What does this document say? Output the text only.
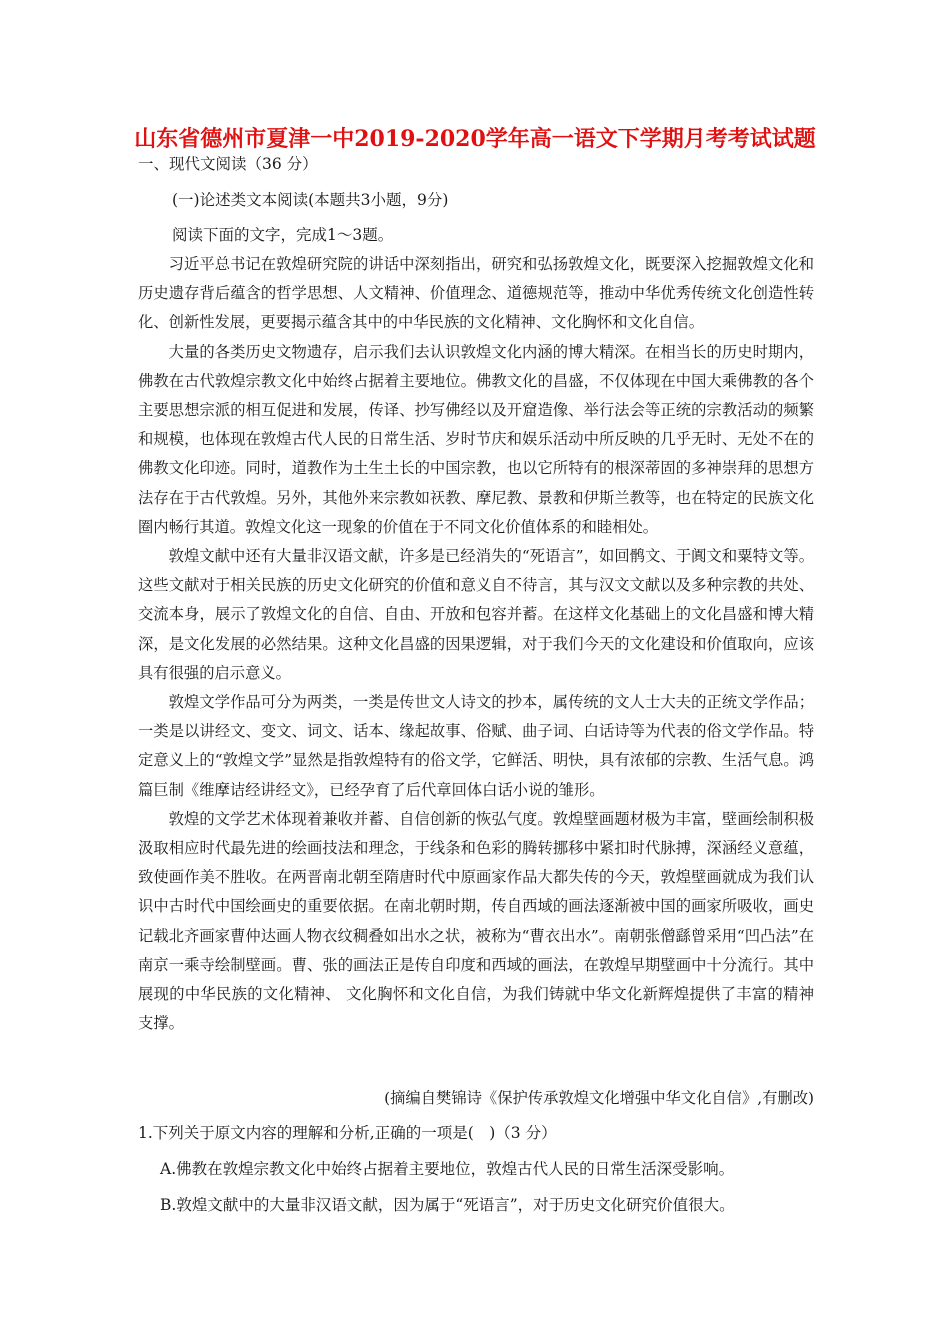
山东省德州市夏津一中2019-2020学年高一语文下学期月考考试试题
一、现代文阅读（36 分）
(一)论述类文本阅读(本题共3小题，9分)
阅读下面的文字，完成1～3题。

习近平总书记在敦煌研究院的讲话中深刻指出，研究和弘扬敦煌文化，既要深入挖掘敦煌文化和历史遗存背后蕴含的哲学思想、人文精神、价值理念、道德规范等，推动中华优秀传统文化创造性转化、创新性发展，更要揭示蕴含其中的中华民族的文化精神、文化胸怀和文化自信。

大量的各类历史文物遗存，启示我们去认识敦煌文化内涵的博大精深。在相当长的历史时期内，佛教在古代敦煌宗教文化中始终占据着主要地位。佛教文化的昌盛，不仅体现在中国大乘佛教的各个主要思想宗派的相互促进和发展，传译、抄写佛经以及开窟造像、举行法会等正统的宗教活动的频繁和规模，也体现在敦煌古代人民的日常生活、岁时节庆和娱乐活动中所反映的几乎无时、无处不在的佛教文化印迹。同时，道教作为土生土长的中国宗教，也以它所特有的根深蒂固的多神崇拜的思想方法存在于古代敦煌。另外，其他外来宗教如祆教、摩尼教、景教和伊斯兰教等，也在特定的民族文化圈内畅行其道。敦煌文化这一现象的价值在于不同文化价值体系的和睦相处。

敦煌文献中还有大量非汉语文献，许多是已经消失的“死语言”，如回鹘文、于阗文和粟特文等。这些文献对于相关民族的历史文化研究的价值和意义自不待言，其与汉文文献以及多种宗教的共处、交流本身，展示了敦煌文化的自信、自由、开放和包容并蓄。在这样文化基础上的文化昌盛和博大精深，是文化发展的必然结果。这种文化昌盛的因果逻辑，对于我们今天的文化建设和价值取向，应该具有很强的启示意义。

敦煌文学作品可分为两类，一类是传世文人诗文的抄本，属传统的文人士大夫的正统文学作品；一类是以讲经文、变文、词文、话本、缘起故事、俗赋、曲子词、白话诗等为代表的俗文学作品。特定意义上的“敦煌文学”显然是指敦煌特有的俗文学，它鲜活、明快，具有浓郁的宗教、生活气息。鸿篇巨制《维摩诘经讲经文》，已经孕育了后代章回体白话小说的雏形。

敦煌的文学艺术体现着兼收并蓄、自信创新的恢弘气度。敦煌壁画题材极为丰富，壁画绘制积极汲取相应时代最先进的绘画技法和理念，于线条和色彩的腾转挪移中紧扣时代脉搏，深涵经义意蕴，致使画作美不胜收。在两晋南北朝至隋唐时代中原画家作品大都失传的今天，敦煌壁画就成为我们认识中古时代中国绘画史的重要依据。在南北朝时期，传自西域的画法逐渐被中国的画家所吸收，画史记载北齐画家曹仲达画人物衣纹稠叠如出水之状，被称为“曹衣出水”。南朝张僧繇曾采用“凹凸法”在南京一乘寺绘制壁画。曹、张的画法正是传自印度和西域的画法，在敦煌早期壁画中十分流行。其中展现的中华民族的文化精神、 文化胸怀和文化自信，为我们铸就中华文化新辉煌提供了丰富的精神支撑。

(摘编自樊锦诗《保护传承敦煌文化增强中华文化自信》,有删改)
1.下列关于原文内容的理解和分析,正确的一项是(　)（3 分）
A.佛教在敦煌宗教文化中始终占据着主要地位，敦煌古代人民的日常生活深受影响。
B.敦煌文献中的大量非汉语文献，因为属于“死语言”，对于历史文化研究价值很大。
